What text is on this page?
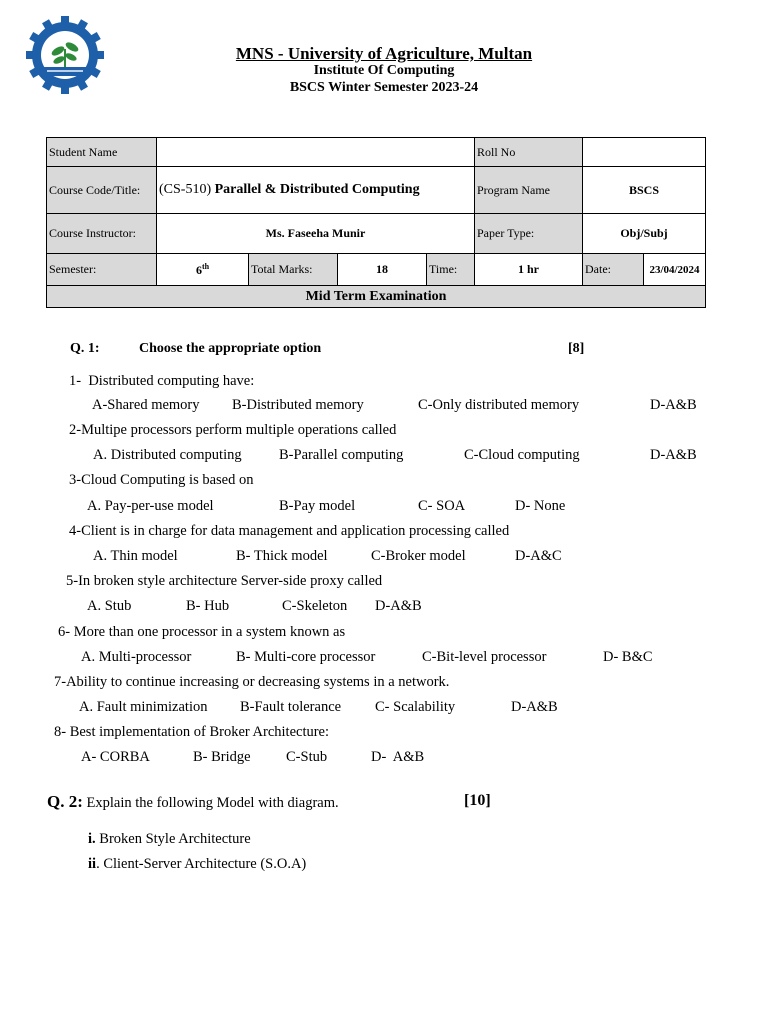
MNS - University of Agriculture, Multan
Institute Of Computing
BSCS Winter Semester 2023-24
Student Name					Roll No		
Course Code/Title:	(CS-510) Parallel & Distributed Computing				Program Name	BSCS	
Course Instructor:	Ms. Faseeha Munir				Paper Type:	Obj/Subj	
Semester:	6th	Total Marks:	18	Time:	1 hr	Date:	23/04/2024
Mid Term Examination							
Q. 1:	Choose the appropriate option	[8]
1-  Distributed computing have:
A-Shared memory B-Distributed memory	C-Only distributed memory	D-A&B
2-Multipe processors perform multiple operations called
A. Distributed computing	B-Parallel computing	C-Cloud computing	D-A&B
3-Cloud Computing is based on
A. Pay-per-use model	B-Pay model	C- SOA	D- None
4-Client is in charge for data management and application processing called
A. Thin model	B- Thick model	C-Broker model	D-A&C
5-In broken style architecture Server-side proxy called
A. Stub	B- Hub	C-Skeleton D-A&B
6- More than one processor in a system known as
A. Multi-processor	B- Multi-core processor	C-Bit-level processor	D- B&C
7-Ability to continue increasing or decreasing systems in a network.
A. Fault minimization B-Fault tolerance C- Scalability	D-A&B
8- Best implementation of Broker Architecture:
A- CORBA	B- Bridge C-Stub	D-  A&B
Q. 2: Explain the following Model with diagram.	[10]
i. Broken Style Architecture
ii. Client-Server Architecture (S.O.A)
